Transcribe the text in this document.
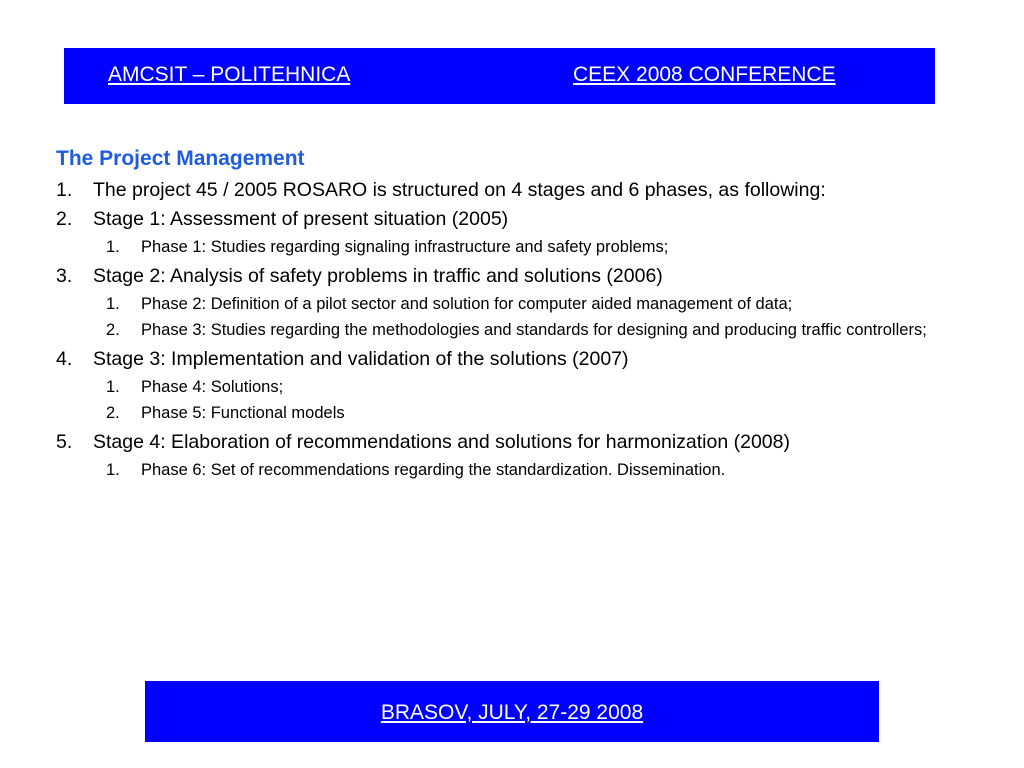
AMCSIT – POLITEHNICA	CEEX 2008 CONFERENCE
The Project Management
1. The project 45 / 2005 ROSARO is structured on 4 stages and 6 phases, as following:
2. Stage 1: Assessment of present situation (2005)
1. Phase 1: Studies regarding signaling infrastructure and safety problems;
3. Stage 2: Analysis of safety problems in traffic and solutions (2006)
1. Phase 2: Definition of a pilot sector and solution for computer aided management of data;
2. Phase 3: Studies regarding the methodologies and standards for designing and producing traffic controllers;
4. Stage 3: Implementation and validation of the solutions (2007)
1. Phase 4: Solutions;
2. Phase 5: Functional models
5. Stage 4: Elaboration of recommendations and solutions for harmonization (2008)
1. Phase 6: Set of recommendations regarding the standardization. Dissemination.
BRASOV, JULY, 27-29 2008
